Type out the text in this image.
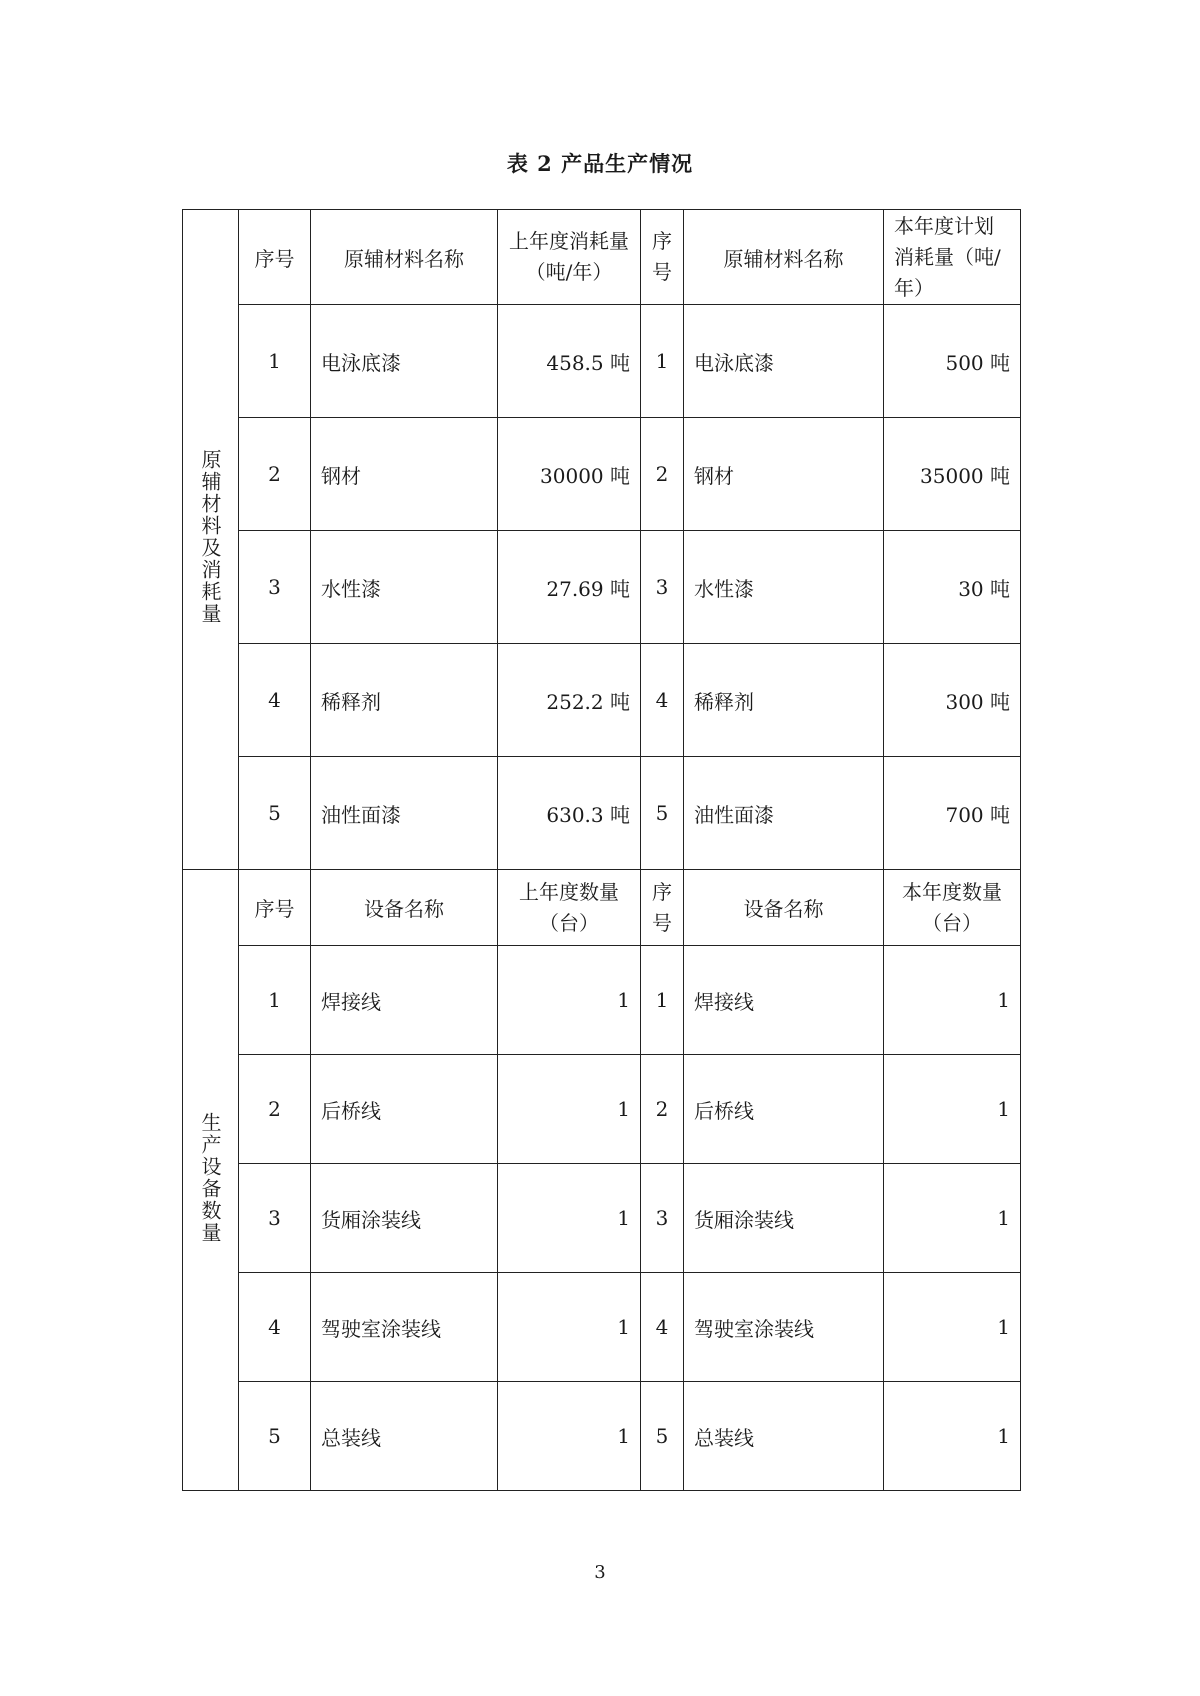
表 2 产品生产情况
原辅材料及消耗量	序号	原辅材料名称	上年度消耗量（吨/年）	序号	原辅材料名称	本年度计划消耗量（吨/年）
	1	电泳底漆	458.5 吨	1	电泳底漆	500 吨
	2	钢材	30000 吨	2	钢材	35000 吨
	3	水性漆	27.69 吨	3	水性漆	30 吨
	4	稀释剂	252.2 吨	4	稀释剂	300 吨
	5	油性面漆	630.3 吨	5	油性面漆	700 吨
生产设备数量	序号	设备名称	上年度数量（台）	序号	设备名称	本年度数量（台）
	1	焊接线	1	1	焊接线	1
	2	后桥线	1	2	后桥线	1
	3	货厢涂装线	1	3	货厢涂装线	1
	4	驾驶室涂装线	1	4	驾驶室涂装线	1
	5	总装线	1	5	总装线	1
3
